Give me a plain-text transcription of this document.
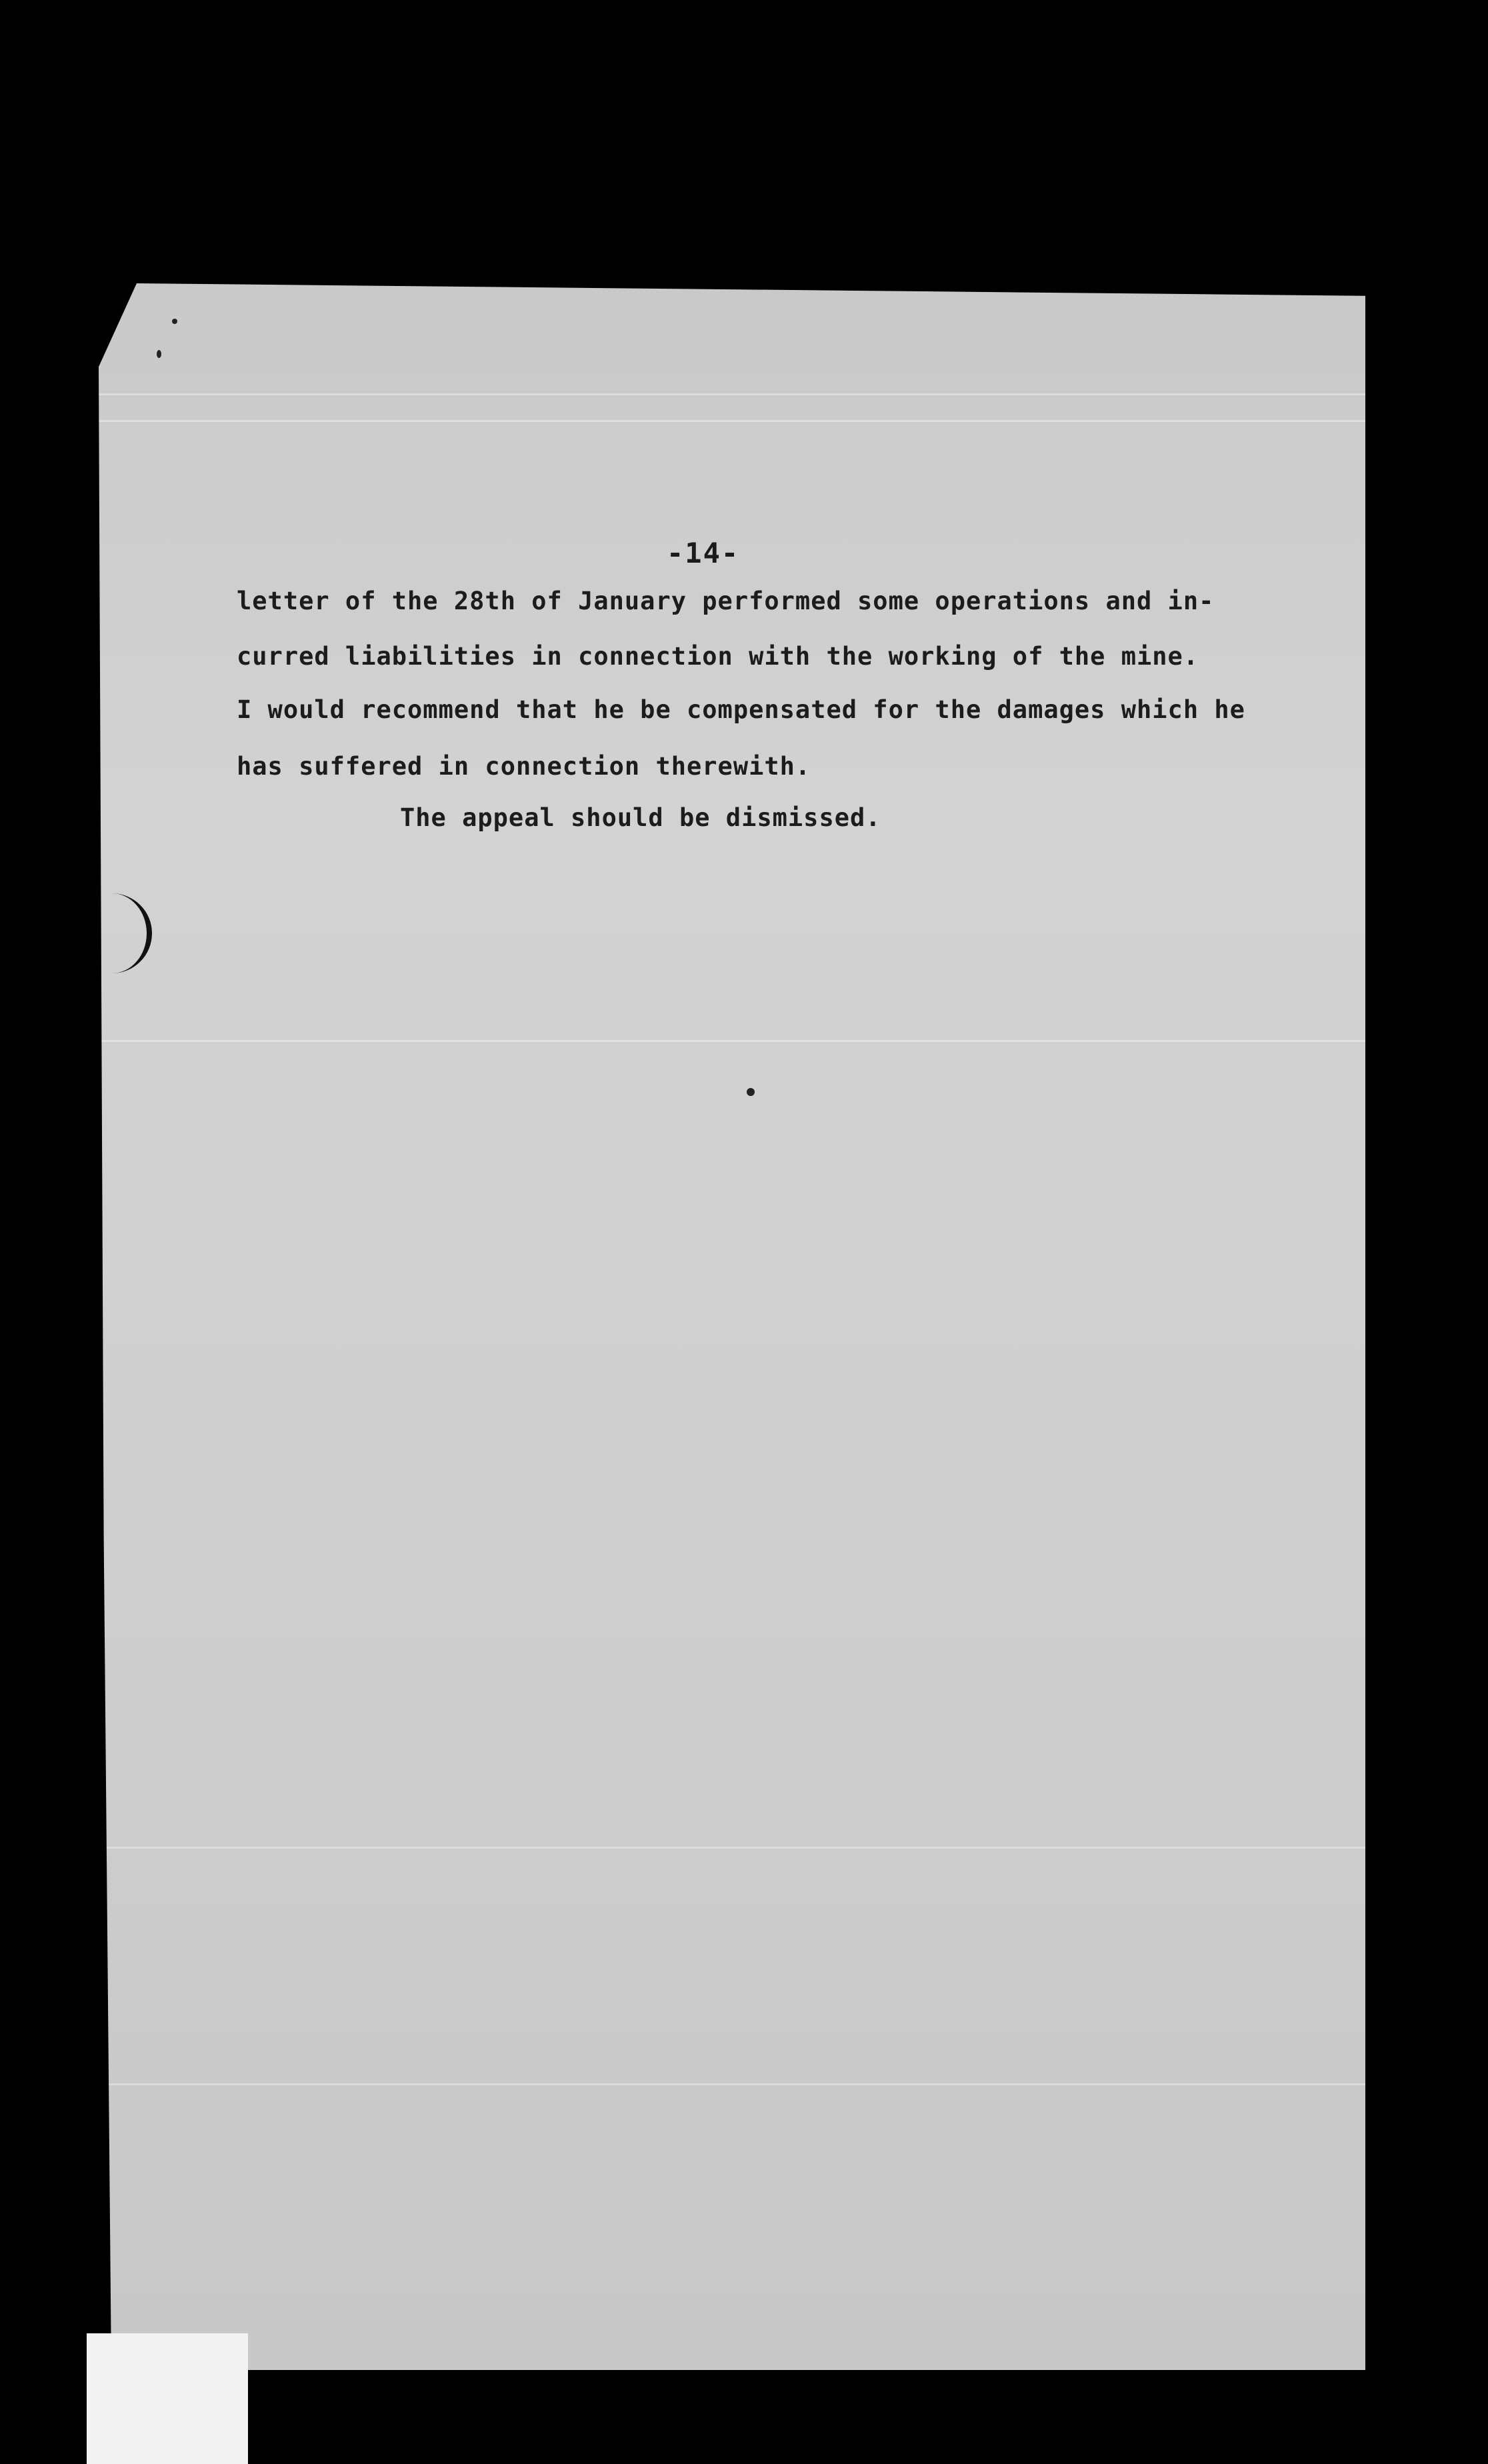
-14-
letter of the 28th of January performed some operations and in-
curred liabilities in connection with the working of the mine.
I would recommend that he be compensated for the damages which he
has suffered in connection therewith.
The appeal should be dismissed.
